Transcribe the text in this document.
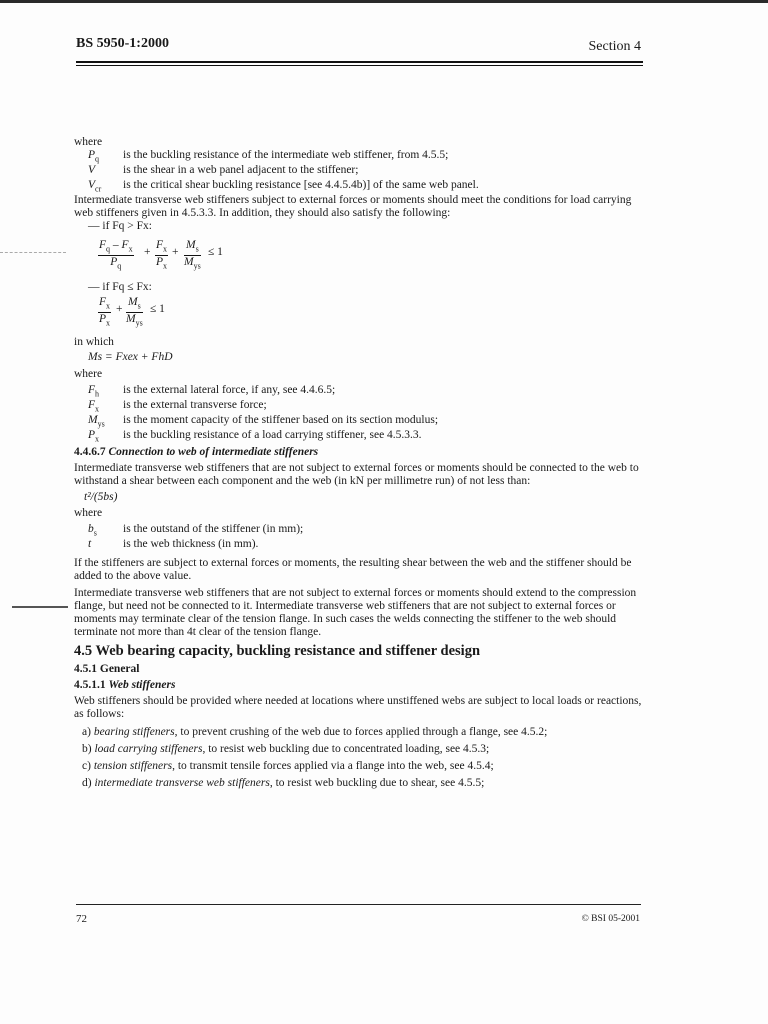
BS 5950-1:2000	Section 4

where

$P_q$	is the buckling resistance of the intermediate web stiffener, from 4.5.5;
V	is the shear in a web panel adjacent to the stiffener;
$V_{cr}$	is the critical shear buckling resistance [see 4.4.5.4b)] of the same web panel.

Intermediate transverse web stiffeners subject to external forces or moments should meet the conditions for load carrying web stiffeners given in 4.5.3.3. In addition, they should also satisfy the following:

— if Fq > Fx:

$\frac{F_q - F_x}{P_q} + \frac{F_x}{P_x}$ +
$M_s$
$M_{ys}$
≤ 1

— if Fq ≤ Fx:

$\frac{F_x}{P_x}$ +
$M_s$
$M_{ys}$
≤ 1

in which

Ms = Fxex + FhD

where

$F_h$	is the external lateral force, if any, see 4.4.6.5;
$F_x$	is the external transverse force;
$M_{ys}$	is the moment capacity of the stiffener based on its section modulus;
$P_x$	is the buckling resistance of a load carrying stiffener, see 4.5.3.3.
4.4.6.7 Connection to web of intermediate stiffeners

Intermediate transverse web stiffeners that are not subject to external forces or moments should be connected to the web to withstand a shear between each component and the web (in kN per millimetre run) of not less than:

t²/(5bs)

where

$b_s$	is the outstand of the stiffener (in mm);
t	is the web thickness (in mm).

If the stiffeners are subject to external forces or moments, the resulting shear between the web and the stiffener should be added to the above value.

Intermediate transverse web stiffeners that are not subject to external forces or moments should extend to the compression flange, but need not be connected to it. Intermediate transverse web stiffeners that are not subject to external forces or moments may terminate clear of the tension flange. In such cases the welds connecting the stiffener to the web should terminate not more than 4t clear of the tension flange.

4.5 Web bearing capacity, buckling resistance and stiffener design
4.5.1 General
4.5.1.1 Web stiffeners

Web stiffeners should be provided where needed at locations where unstiffened webs are subject to local loads or reactions, as follows:

a) bearing stiffeners, to prevent crushing of the web due to forces applied through a flange, see 4.5.2;
b) load carrying stiffeners, to resist web buckling due to concentrated loading, see 4.5.3;
c) tension stiffeners, to transmit tensile forces applied via a flange into the web, see 4.5.4;
d) intermediate transverse web stiffeners, to resist web buckling due to shear, see 4.5.5;
72	© BSI 05-2001
